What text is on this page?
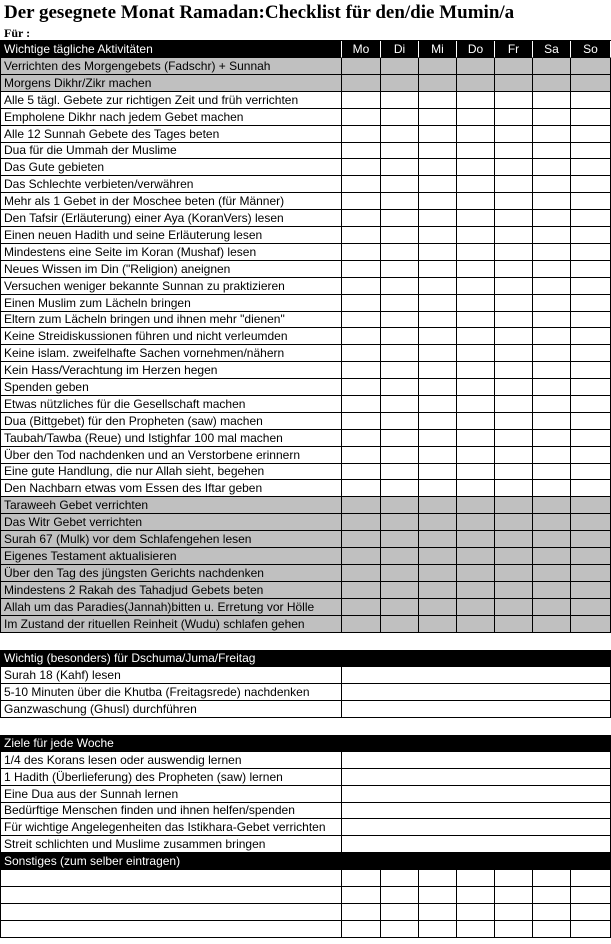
Der gesegnete Monat Ramadan:Checklist für den/die Mumin/a
Für :
Wichtige tägliche Aktivitäten	Mo	Di	Mi	Do	Fr	Sa	So
Verrichten des Morgengebets (Fadschr) + Sunnah
Morgens Dikhr/Zikr machen
Alle 5 tägl. Gebete zur richtigen Zeit und früh verrichten
Empholene Dikhr nach jedem Gebet machen
Alle 12 Sunnah Gebete des Tages beten
Dua für die Ummah der Muslime
Das Gute gebieten
Das Schlechte verbieten/verwähren
Mehr als 1 Gebet in der Moschee beten (für Männer)
Den Tafsir (Erläuterung) einer Aya (KoranVers) lesen
Einen neuen Hadith und seine Erläuterung lesen
Mindestens eine Seite im Koran (Mushaf) lesen
Neues Wissen im Din ("Religion) aneignen
Versuchen weniger bekannte Sunnan zu praktizieren
Einen Muslim zum Lächeln bringen
Eltern zum Lächeln bringen und ihnen mehr "dienen"
Keine Streidiskussionen führen und nicht verleumden
Keine islam. zweifelhafte Sachen vornehmen/nähern
Kein Hass/Verachtung im Herzen hegen
Spenden geben
Etwas nützliches für die Gesellschaft machen
Dua (Bittgebet) für den Propheten (saw) machen
Taubah/Tawba (Reue) und Istighfar 100 mal machen
Über den Tod nachdenken und an Verstorbene erinnern
Eine gute Handlung, die nur Allah sieht, begehen
Den Nachbarn etwas vom Essen des Iftar geben
Taraweeh Gebet verrichten
Das Witr Gebet verrichten
Surah 67 (Mulk) vor dem Schlafengehen lesen
Eigenes Testament aktualisieren
Über den Tag des jüngsten Gerichts nachdenken
Mindestens 2 Rakah des Tahadjud Gebets beten
Allah um das Paradies(Jannah)bitten u. Erretung vor Hölle
Im Zustand der rituellen Reinheit (Wudu) schlafen gehen
Wichtig (besonders) für Dschuma/Juma/Freitag
Surah 18 (Kahf) lesen
5-10 Minuten über die Khutba (Freitagsrede) nachdenken
Ganzwaschung (Ghusl) durchführen
Ziele für jede Woche
1/4 des Korans lesen oder auswendig lernen
1 Hadith (Überlieferung) des Propheten (saw) lernen
Eine Dua aus der Sunnah lernen
Bedürftige Menschen finden und ihnen helfen/spenden
Für wichtige Angelegenheiten das Istikhara-Gebet verrichten
Streit schlichten und Muslime zusammen bringen
Sonstiges (zum selber eintragen)
